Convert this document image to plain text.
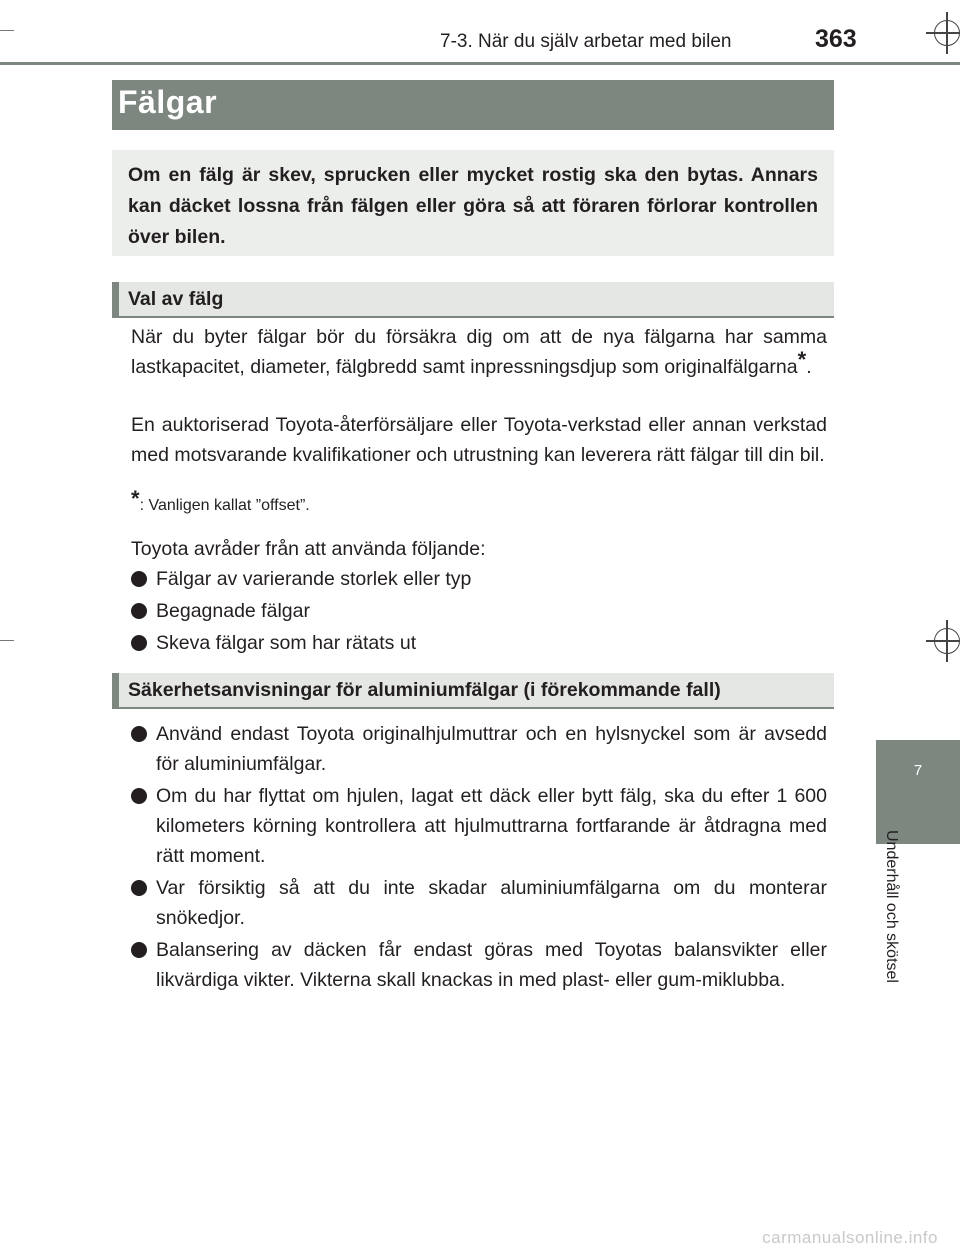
7-3. När du själv arbetar med bilen	363
Fälgar
Om en fälg är skev, sprucken eller mycket rostig ska den bytas. Annars kan däcket lossna från fälgen eller göra så att föraren förlorar kontrollen över bilen.
Val av fälg
När du byter fälgar bör du försäkra dig om att de nya fälgarna har samma lastkapacitet, diameter, fälgbredd samt inpressningsdjup som originalfälgarna*.
En auktoriserad Toyota-återförsäljare eller Toyota-verkstad eller annan verkstad med motsvarande kvalifikationer och utrustning kan leverera rätt fälgar till din bil.
*: Vanligen kallat ”offset”.
Toyota avråder från att använda följande:
Fälgar av varierande storlek eller typ
Begagnade fälgar
Skeva fälgar som har rätats ut
Säkerhetsanvisningar för aluminiumfälgar (i förekommande fall)
Använd endast Toyota originalhjulmuttrar och en hylsnyckel som är avsedd för aluminiumfälgar.
Om du har flyttat om hjulen, lagat ett däck eller bytt fälg, ska du efter 1 600 kilometers körning kontrollera att hjulmuttrarna fortfarande är åtdragna med rätt moment.
Var försiktig så att du inte skadar aluminiumfälgarna om du monterar snökedjor.
Balansering av däcken får endast göras med Toyotas balansvikter eller likvärdiga vikter. Vikterna skall knackas in med plast- eller gum-miklubba.
7
Underhåll och skötsel
carmanualsonline.info
